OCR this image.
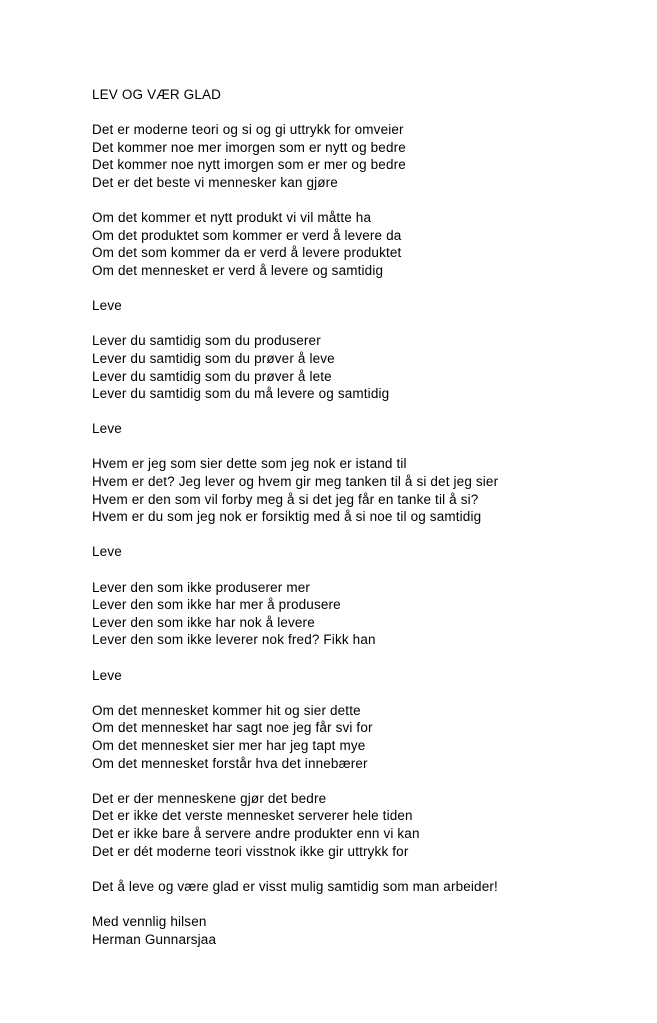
LEV OG VÆR GLAD
Det er moderne teori og si og gi uttrykk for omveier
Det kommer noe mer imorgen som er nytt og bedre
Det kommer noe nytt imorgen som er mer og bedre
Det er det beste vi mennesker kan gjøre
Om det kommer et nytt produkt vi vil måtte ha
Om det produktet som kommer er verd å levere da
Om det som kommer da er verd å levere produktet
Om det mennesket er verd å levere og samtidig
Leve
Lever du samtidig som du produserer
Lever du samtidig som du prøver å leve
Lever du samtidig som du prøver å lete
Lever du samtidig som du må levere og samtidig
Leve
Hvem er jeg som sier dette som jeg nok er istand til
Hvem er det? Jeg lever og hvem gir meg tanken til å si det jeg sier
Hvem er den som vil forby meg å si det jeg får en tanke til å si?
Hvem er du som jeg nok er forsiktig med å si noe til og samtidig
Leve
Lever den som ikke produserer mer
Lever den som ikke har mer å produsere
Lever den som ikke har nok å levere
Lever den som ikke leverer nok fred? Fikk han
Leve
Om det mennesket kommer hit og sier dette
Om det mennesket har sagt noe jeg får svi for
Om det mennesket sier mer har jeg tapt mye
Om det mennesket forstår hva det innebærer
Det er der menneskene gjør det bedre
Det er ikke det verste mennesket serverer hele tiden
Det er ikke bare å servere andre produkter enn vi kan
Det er dét moderne teori visstnok ikke gir uttrykk for
Det å leve og være glad er visst mulig samtidig som man arbeider!
Med vennlig hilsen
Herman Gunnarsjaa
